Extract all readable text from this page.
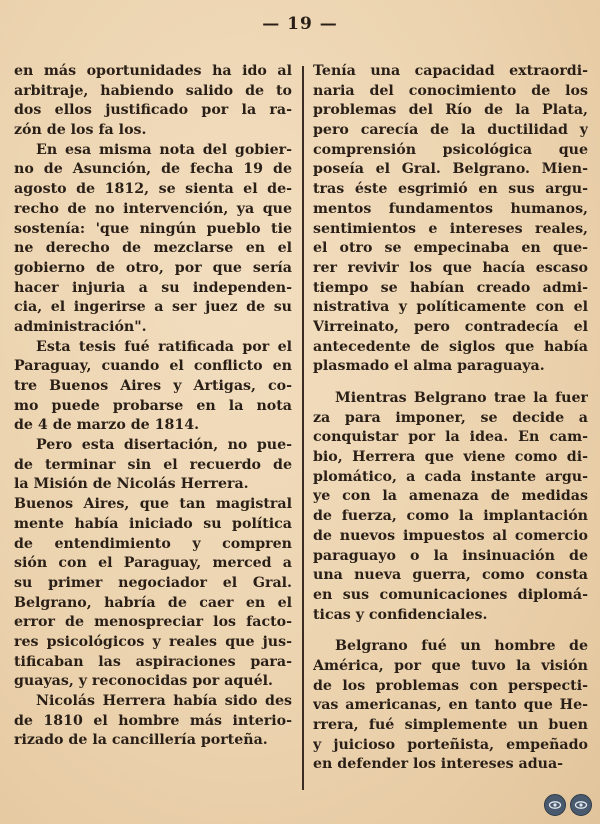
— 19 —
en más oportunidades ha ido al
arbitraje, habiendo salido de to
dos ellos justificado por la ra-
zón de los fa los.
En esa misma nota del gobier-
no de Asunción, de fecha 19 de
agosto de 1812, se sienta el de-
recho de no intervención, ya que
sostenía: 'que ningún pueblo tie
ne derecho de mezclarse en el
gobierno de otro, por que sería
hacer injuria a su independen-
cia, el ingerirse a ser juez de su
administración".
Esta tesis fué ratificada por el
Paraguay, cuando el conflicto en
tre Buenos Aires y Artigas, co-
mo puede probarse en la nota
de 4 de marzo de 1814.
Pero esta disertación, no pue-
de terminar sin el recuerdo de
la Misión de Nicolás Herrera.
Buenos Aires, que tan magistral
mente había iniciado su política
de entendimiento y compren
sión con el Paraguay, merced a
su primer negociador el Gral.
Belgrano, habría de caer en el
error de menospreciar los facto-
res psicológicos y reales que jus-
tificaban las aspiraciones para-
guayas, y reconocidas por aquél.
Nicolás Herrera había sido des
de 1810 el hombre más interio-
rizado de la cancillería porteña.
Tenía una capacidad extraordi-
naria del conocimiento de los
problemas del Río de la Plata,
pero carecía de la ductilidad y
comprensión psicológica que
poseía el Gral. Belgrano. Mien-
tras éste esgrimió en sus argu-
mentos fundamentos humanos,
sentimientos e intereses reales,
el otro se empecinaba en que-
rer revivir los que hacía escaso
tiempo se habían creado admi-
nistrativa y políticamente con el
Virreinato, pero contradecía el
antecedente de siglos que había
plasmado el alma paraguaya.
Mientras Belgrano trae la fuer
za para imponer, se decide a
conquistar por la idea. En cam-
bio, Herrera que viene como di-
plomático, a cada instante argu-
ye con la amenaza de medidas
de fuerza, como la implantación
de nuevos impuestos al comercio
paraguayo o la insinuación de
una nueva guerra, como consta
en sus comunicaciones diplomá-
ticas y confidenciales.
Belgrano fué un hombre de
América, por que tuvo la visión
de los problemas con perspecti-
vas americanas, en tanto que He-
rrera, fué simplemente un buen
y juicioso porteñista, empeñado
en defender los intereses adua-
